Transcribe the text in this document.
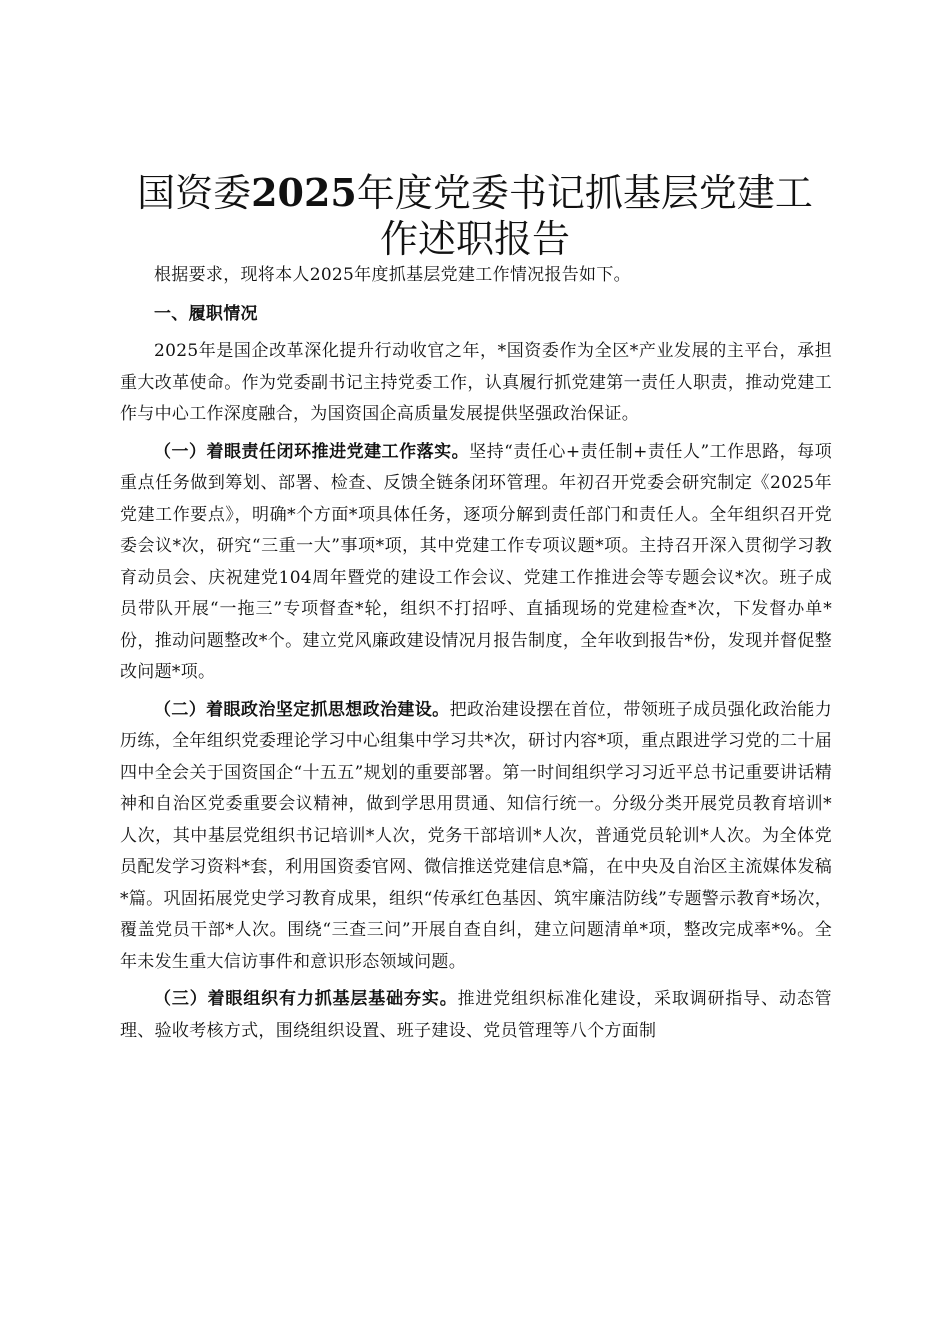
国资委2025年度党委书记抓基层党建工作述职报告

根据要求，现将本人2025年度抓基层党建工作情况报告如下。

一、履职情况

2025年是国企改革深化提升行动收官之年，*国资委作为全区*产业发展的主平台，承担重大改革使命。作为党委副书记主持党委工作，认真履行抓党建第一责任人职责，推动党建工作与中心工作深度融合，为国资国企高质量发展提供坚强政治保证。

（一）着眼责任闭环推进党建工作落实。坚持“责任心+责任制+责任人”工作思路，每项重点任务做到筹划、部署、检查、反馈全链条闭环管理。年初召开党委会研究制定《2025年党建工作要点》，明确*个方面*项具体任务，逐项分解到责任部门和责任人。全年组织召开党委会议*次，研究“三重一大”事项*项，其中党建工作专项议题*项。主持召开深入贯彻学习教育动员会、庆祝建党104周年暨党的建设工作会议、党建工作推进会等专题会议*次。班子成员带队开展“一拖三”专项督查*轮，组织不打招呼、直插现场的党建检查*次，下发督办单*份，推动问题整改*个。建立党风廉政建设情况月报告制度，全年收到报告*份，发现并督促整改问题*项。

（二）着眼政治坚定抓思想政治建设。把政治建设摆在首位，带领班子成员强化政治能力历练，全年组织党委理论学习中心组集中学习共*次，研讨内容*项，重点跟进学习党的二十届四中全会关于国资国企“十五五”规划的重要部署。第一时间组织学习习近平总书记重要讲话精神和自治区党委重要会议精神，做到学思用贯通、知信行统一。分级分类开展党员教育培训*人次，其中基层党组织书记培训*人次，党务干部培训*人次，普通党员轮训*人次。为全体党员配发学习资料*套，利用国资委官网、微信推送党建信息*篇，在中央及自治区主流媒体发稿*篇。巩固拓展党史学习教育成果，组织“传承红色基因、筑牢廉洁防线”专题警示教育*场次，覆盖党员干部*人次。围绕“三查三问”开展自查自纠，建立问题清单*项，整改完成率*%。全年未发生重大信访事件和意识形态领域问题。

（三）着眼组织有力抓基层基础夯实。推进党组织标准化建设，采取调研指导、动态管理、验收考核方式，围绕组织设置、班子建设、党员管理等八个方面制
